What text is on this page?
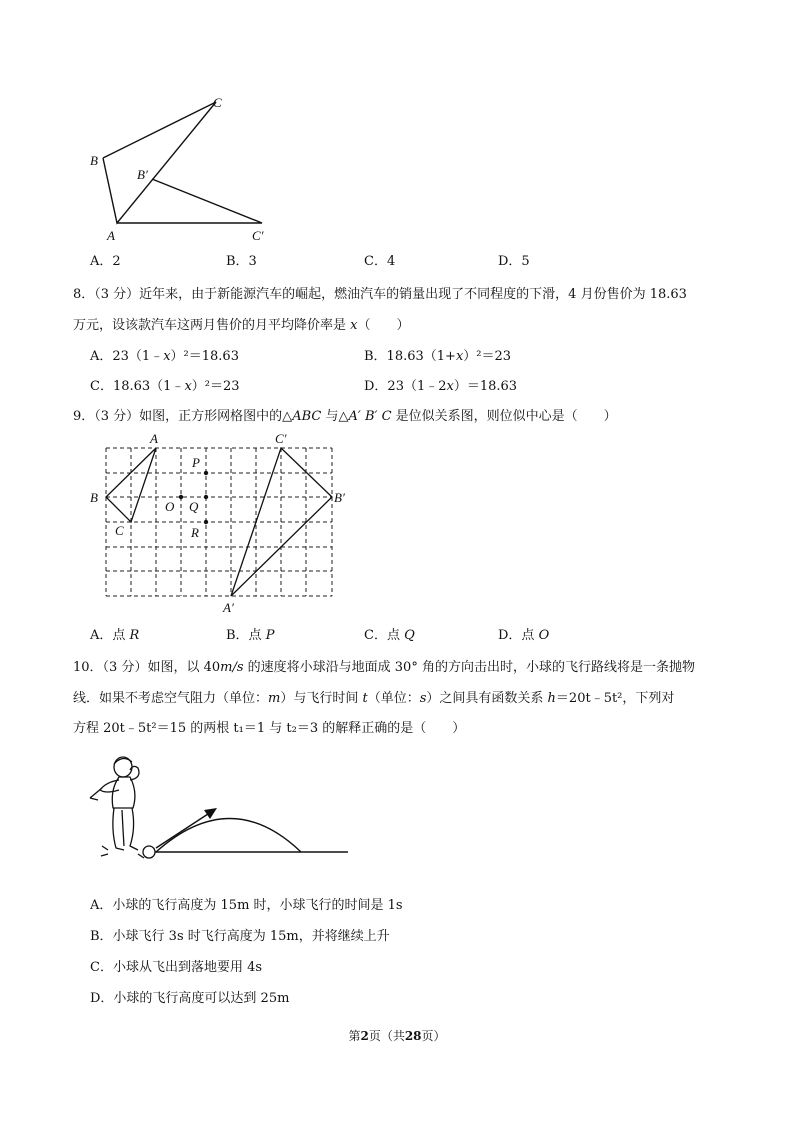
C
B
B′
A	C′
A．2	B．3	C．4	D．5
8．（3 分）近年来，由于新能源汽车的崛起，燃油汽车的销量出现了不同程度的下滑，4 月份售价为 18.63
万元，设该款汽车这两月售价的月平均降价率是 x（　　）
A．23（1﹣x）²＝18.63	B．18.63（1+x）²＝23
C．18.63（1﹣x）²＝23	D．23（1﹣2x）＝18.63
9．（3 分）如图，正方形网格图中的△ABC 与△A′ B′ C 是位似关系图，则位似中心是（　　）
A
B
C
P
O Q
R
A′
B′
C′
A．点 R	B．点 P	C．点 Q	D．点 O
10．（3 分）如图，以 40m/s 的速度将小球沿与地面成 30° 角的方向击出时，小球的飞行路线将是一条抛物
线．如果不考虑空气阻力（单位：m）与飞行时间 t（单位：s）之间具有函数关系 h＝20t﹣5t²，下列对
方程 20t﹣5t²＝15 的两根 t₁＝1 与 t₂＝3 的解释正确的是（　　）
A．小球的飞行高度为 15m 时，小球飞行的时间是 1s
B．小球飞行 3s 时飞行高度为 15m，并将继续上升
C．小球从飞出到落地要用 4s
D．小球的飞行高度可以达到 25m
第2页（共28页）
